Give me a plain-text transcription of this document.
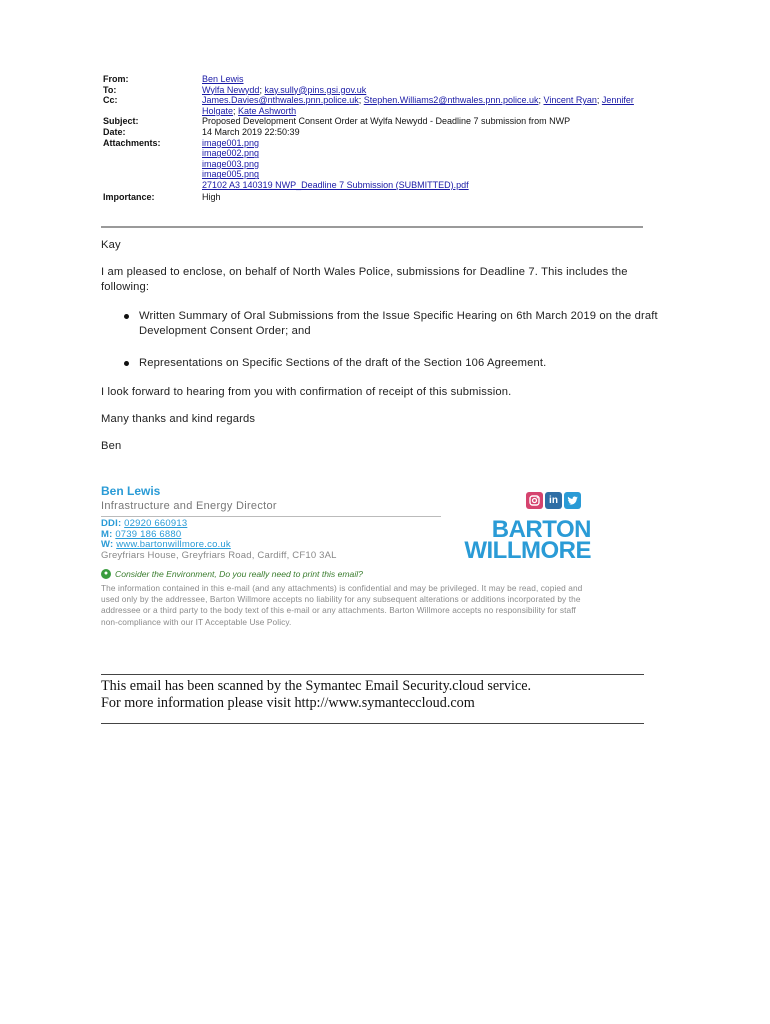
From:	Ben Lewis
To:	Wylfa Newydd; kay.sully@pins.gsi.gov.uk
Cc:	James.Davies@nthwales.pnn.police.uk; Stephen.Williams2@nthwales.pnn.police.uk; Vincent Ryan; Jennifer Holgate; Kate Ashworth
Subject:	Proposed Development Consent Order at Wylfa Newydd - Deadline 7 submission from NWP
Date:	14 March 2019 22:50:39
Attachments:	image001.png
image002.png
image003.png
image005.png
27102 A3 140319 NWP_Deadline 7 Submission (SUBMITTED).pdf
Importance:	High

Kay

I am pleased to enclose, on behalf of North Wales Police, submissions for Deadline 7. This includes the following:

Written Summary of Oral Submissions from the Issue Specific Hearing on 6th March 2019 on the draft Development Consent Order; and
Representations on Specific Sections of the draft of the Section 106 Agreement.

I look forward to hearing from you with confirmation of receipt of this submission.

Many thanks and kind regards

Ben

Ben Lewis
Infrastructure and Energy Director
DDI: 02920 660913
M: 0739 186 6880
W: www.bartonwillmore.co.uk
Greyfriars House, Greyfriars Road, Cardiff, CF10 3AL
in
BARTON
WILLMORE
● Consider the Environment, Do you really need to print this email?
The information contained in this e-mail (and any attachments) is confidential and may be privileged. It may be read, copied and used only by the addressee, Barton Willmore accepts no liability for any subsequent alterations or additions incorporated by the addressee or a third party to the body text of this e-mail or any attachments. Barton Willmore accepts no responsibility for staff non-compliance with our IT Acceptable Use Policy.
This email has been scanned by the Symantec Email Security.cloud service.
For more information please visit http://www.symanteccloud.com
